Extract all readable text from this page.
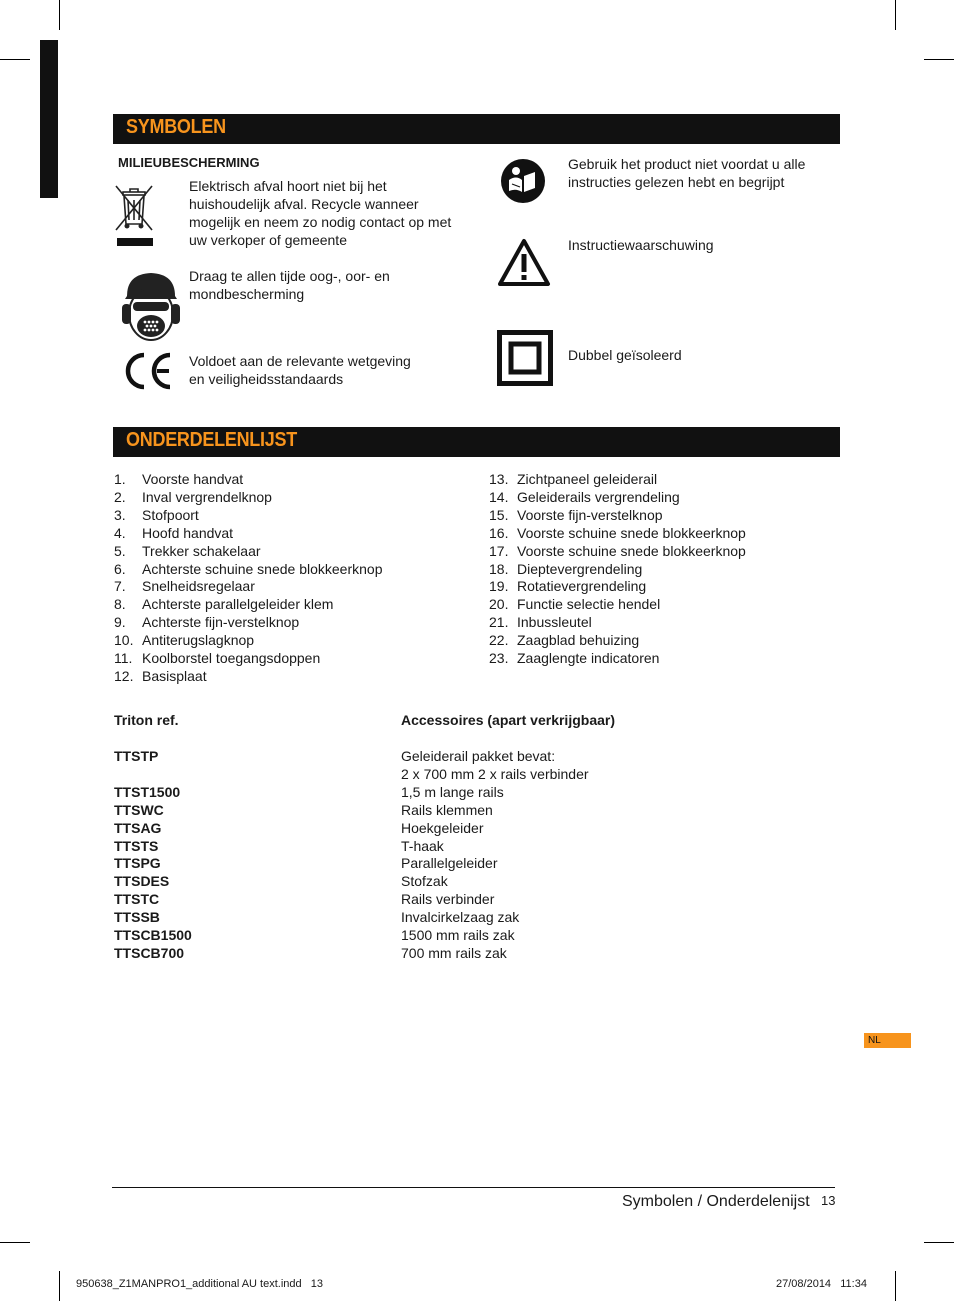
SYMBOLEN
MILIEUBESCHERMING
Elektrisch afval hoort niet bij het
huishoudelijk afval. Recycle wanneer
mogelijk en neem zo nodig contact op met
uw verkoper of gemeente
Draag te allen tijde oog-, oor- en
mondbescherming
Voldoet aan de relevante wetgeving
en veiligheidsstandaards
Gebruik het product niet voordat u alle
instructies gelezen hebt en begrijpt
Instructiewaarschuwing
Dubbel geïsoleerd
ONDERDELENLIJST
1. Voorste handvat
2. Inval vergrendelknop
3. Stofpoort
4. Hoofd handvat
5. Trekker schakelaar
6. Achterste schuine snede blokkeerknop
7. Snelheidsregelaar
8. Achterste parallelgeleider klem
9. Achterste fijn-verstelknop
10. Antiterugslagknop
11. Koolborstel toegangsdoppen
12. Basisplaat
13. Zichtpaneel geleiderail
14. Geleiderails vergrendeling
15. Voorste fijn-verstelknop
16. Voorste schuine snede blokkeerknop
17. Voorste schuine snede blokkeerknop
18. Dieptevergrendeling
19. Rotatievergrendeling
20. Functie selectie hendel
21. Inbussleutel
22. Zaagblad behuizing
23. Zaaglengte indicatoren
Triton ref.	Accessoires (apart verkrijgbaar)
TTSTP	Geleiderail pakket bevat:
2 x 700 mm 2 x rails verbinder
TTST1500	1,5 m lange rails
TTSWC	Rails klemmen
TTSAG	Hoekgeleider
TTSTS	T-haak
TTSPG	Parallelgeleider
TTSDES	Stofzak
TTSTC	Rails verbinder
TTSSB	Invalcirkelzaag zak
TTSCB1500	1500 mm rails zak
TTSCB700	700 mm rails zak
NL
Symbolen / Onderdelenijst 13
950638_Z1MANPRO1_additional AU text.indd   13	27/08/2014   11:34
